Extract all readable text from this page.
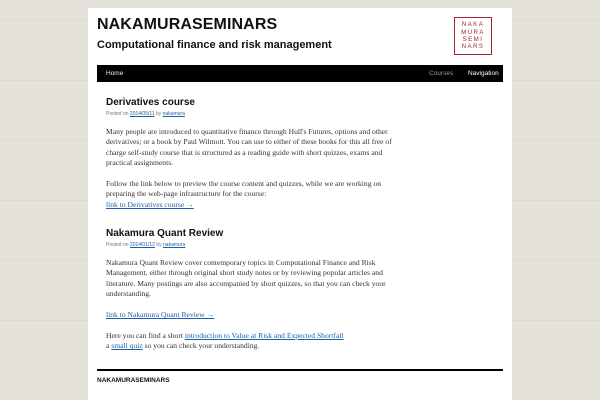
NAKAMURASEMINARS
Computational finance and risk management
NAKA
MURA
SEMI
NARS
Home	Courses Navigation
Derivatives course
Posted on 2014/05/11 by nakamura

Many people are introduced to quantitative finance through Hull's Futures, options and other derivatives; or a book by Paul Wilmott. You can use to either of these books for this all free of charge self-study course that is structured as a reading guide with short quizzes, exams and practical assignments.

Follow the link below to preview the course content and quizzes, while we are working on preparing the web-page infrastructure for the course:

link to Derivatives course →

Nakamura Quant Review
Posted on 2014/01/12 by nakamura

Nakamura Quant Review cover contemporary topics in Computational Finance and Risk Management, either through original short study notes or by reviewing popular articles and literature. Many postings are also accompanied by short quizzes, so that you can check your understanding.

link to Nakamura Quant Review →

Here you can find a short introduction to Value at Risk and Expected Shortfall
a small quiz so you can check your understanding.

NAKAMURASEMINARS
